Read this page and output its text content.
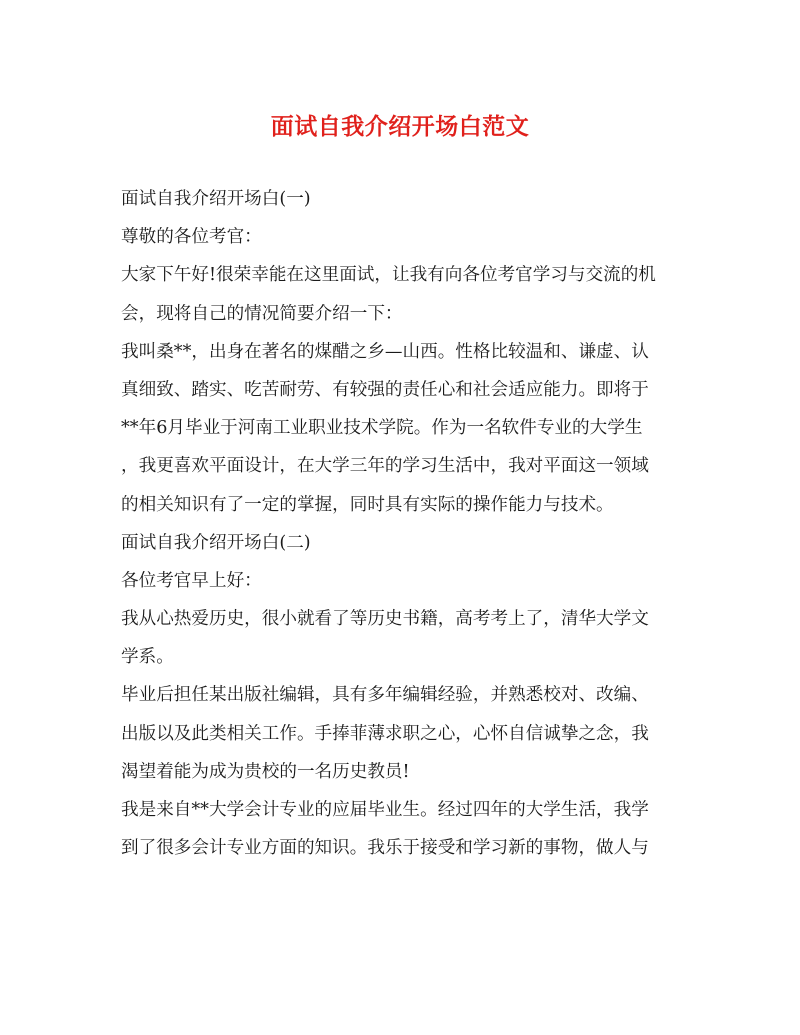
面试自我介绍开场白范文
面试自我介绍开场白(一)
尊敬的各位考官：
大家下午好!很荣幸能在这里面试，让我有向各位考官学习与交流的机
会，现将自己的情况简要介绍一下：
我叫桑**，出身在著名的煤醋之乡—山西。性格比较温和、谦虚、认
真细致、踏实、吃苦耐劳、有较强的责任心和社会适应能力。即将于
**年6月毕业于河南工业职业技术学院。作为一名软件专业的大学生
，我更喜欢平面设计，在大学三年的学习生活中，我对平面这一领域
的相关知识有了一定的掌握，同时具有实际的操作能力与技术。
面试自我介绍开场白(二)
各位考官早上好：
我从心热爱历史，很小就看了等历史书籍，高考考上了，清华大学文
学系。
毕业后担任某出版社编辑，具有多年编辑经验，并熟悉校对、改编、
出版以及此类相关工作。手捧菲薄求职之心，心怀自信诚挚之念，我
渴望着能为成为贵校的一名历史教员!
我是来自**大学会计专业的应届毕业生。经过四年的大学生活，我学
到了很多会计专业方面的知识。我乐于接受和学习新的事物，做人与
